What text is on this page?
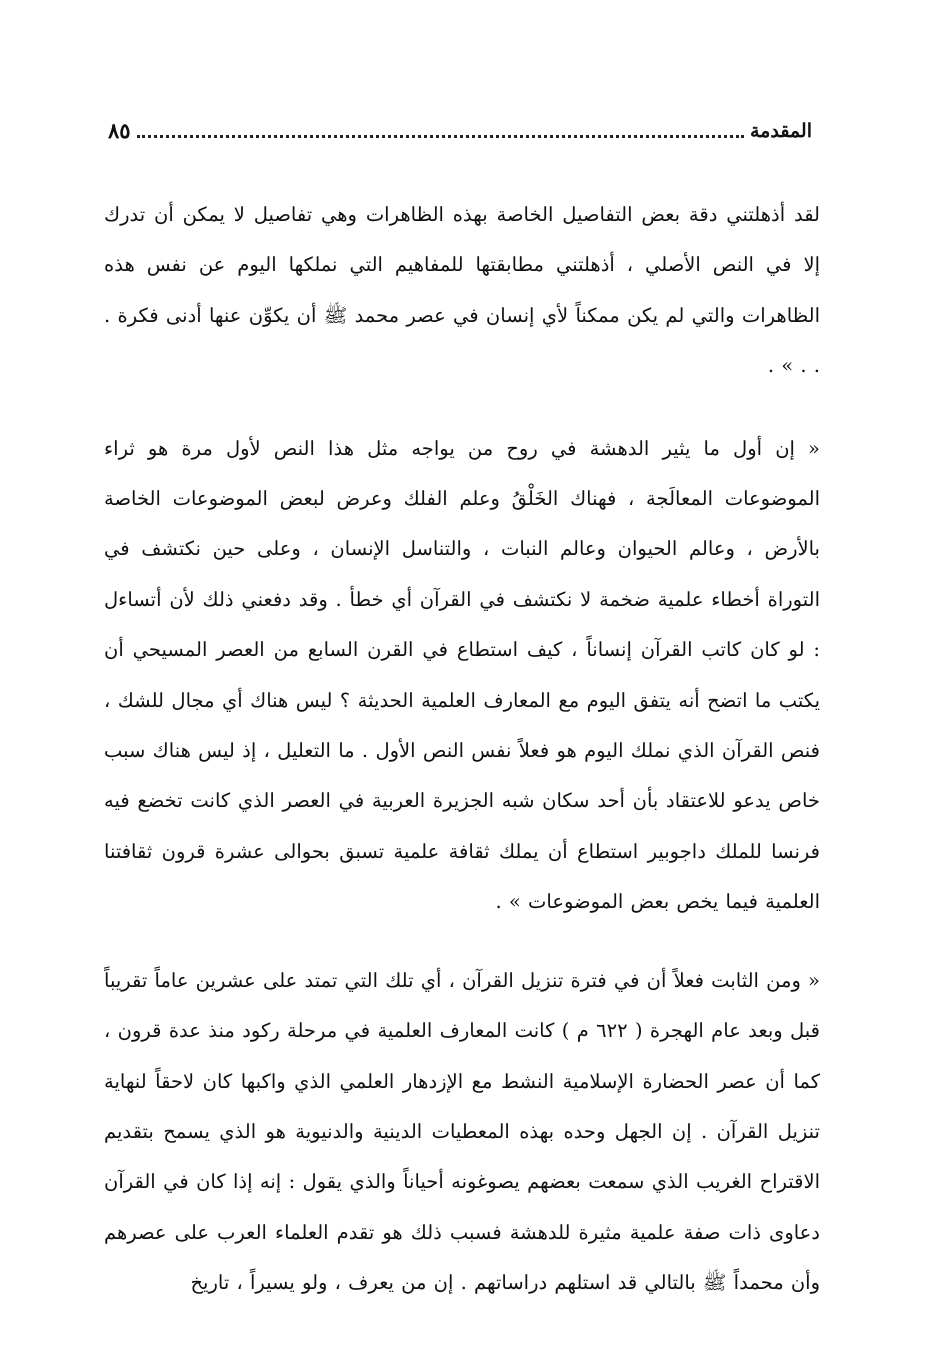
المقدمة
٨٥

لقد أذهلتني دقة بعض التفاصيل الخاصة بهذه الظاهرات وهي تفاصيل لا يمكن أن تدرك إلا في النص الأصلي ، أذهلتني مطابقتها للمفاهيم التي نملكها اليوم عن نفس هذه الظاهرات والتي لم يكن ممكناً لأي إنسان في عصر محمد ﷺ أن يكوِّن عنها أدنى فكرة . . . » .

« إن أول ما يثير الدهشة في روح من يواجه مثل هذا النص لأول مرة هو ثراء الموضوعات المعالَجة ، فهناك الخَلْقُ وعلم الفلك وعرض لبعض الموضوعات الخاصة بالأرض ، وعالم الحيوان وعالم النبات ، والتناسل الإنسان ، وعلى حين نكتشف في التوراة أخطاء علمية ضخمة لا نكتشف في القرآن أي خطأ . وقد دفعني ذلك لأن أتساءل : لو كان كاتب القرآن إنساناً ، كيف استطاع في القرن السابع من العصر المسيحي أن يكتب ما اتضح أنه يتفق اليوم مع المعارف العلمية الحديثة ؟ ليس هناك أي مجال للشك ، فنص القرآن الذي نملك اليوم هو فعلاً نفس النص الأول . ما التعليل ، إذ ليس هناك سبب خاص يدعو للاعتقاد بأن أحد سكان شبه الجزيرة العربية في العصر الذي كانت تخضع فيه فرنسا للملك داجوبير استطاع أن يملك ثقافة علمية تسبق بحوالى عشرة قرون ثقافتنا العلمية فيما يخص بعض الموضوعات » .

« ومن الثابت فعلاً أن في فترة تنزيل القرآن ، أي تلك التي تمتد على عشرين عاماً تقريباً قبل وبعد عام الهجرة ( ٦٢٢ م ) كانت المعارف العلمية في مرحلة ركود منذ عدة قرون ، كما أن عصر الحضارة الإسلامية النشط مع الإزدهار العلمي الذي واكبها كان لاحقاً لنهاية تنزيل القرآن . إن الجهل وحده بهذه المعطيات الدينية والدنيوية هو الذي يسمح بتقديم الاقتراح الغريب الذي سمعت بعضهم يصوغونه أحياناً والذي يقول : إنه إذا كان في القرآن دعاوى ذات صفة علمية مثيرة للدهشة فسبب ذلك هو تقدم العلماء العرب على عصرهم وأن محمداً ﷺ بالتالي قد استلهم دراساتهم . إن من يعرف ، ولو يسيراً ، تاريخ
